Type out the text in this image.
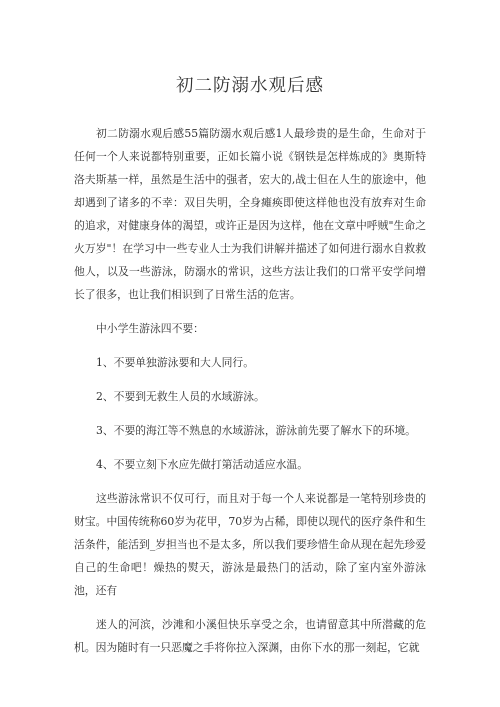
初二防溺水观后感

初二防溺水观后感55篇防溺水观后感1人最珍贵的是生命，生命对于任何一个人来说都特别重要，正如长篇小说《钢铁是怎样炼成的》奥斯特洛夫斯基一样，虽然是生活中的强者，宏大的,战士但在人生的旅途中，他却遇到了诸多的不幸：双目失明，全身瘫痪即使这样他也没有放弃对生命的追求，对健康身体的渴望，或许正是因为这样，他在文章中呼贼"生命之火万岁"！在学习中一些专业人士为我们讲解并描述了如何进行溺水自救救他人，以及一些游泳，防溺水的常识，这些方法让我们的口常平安学问增长了很多，也让我们相识到了日常生活的危害。

中小学生游泳四不要：

1、不要单独游泳要和大人同行。

2、不要到无救生人员的水域游泳。

3、不要的海江等不熟息的水域游泳，游泳前先要了解水下的环境。

4、不要立刻下水应先做打第活动适应水温。

这些游泳常识不仅可行，而且对于每一个人来说都是一笔特别珍贵的财宝。中国传统称60岁为花甲，70岁为占稀，即使以现代的医疗条件和生活条件，能活到_岁担当也不是太多，所以我们要珍惜生命从现在起先珍爱自己的生命吧！燥热的熨天，游泳是最热门的活动，除了室内室外游泳池，还有

迷人的河滨，沙滩和小溪但快乐享受之余，也请留意其中所潜藏的危机。因为随时有一只恶魔之手将你拉入深渊，由你下水的那一刻起，它就
